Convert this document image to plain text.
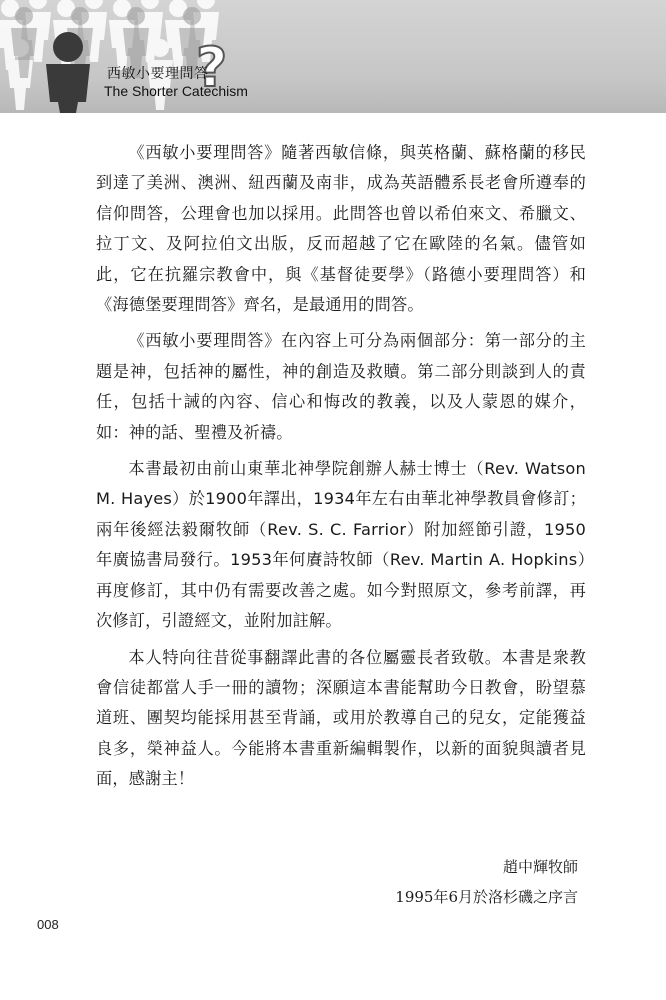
?
西敏小要理問答
The Shorter Catechism

《西敏小要理問答》隨著西敏信條，與英格蘭、蘇格蘭的移民到達了美洲、澳洲、紐西蘭及南非，成為英語體系長老會所遵奉的信仰問答，公理會也加以採用。此問答也曾以希伯來文、希臘文、拉丁文、及阿拉伯文出版，反而超越了它在歐陸的名氣。儘管如此，它在抗羅宗教會中，與《基督徒要學》（路德小要理問答）和《海德堡要理問答》齊名，是最通用的問答。

《西敏小要理問答》在內容上可分為兩個部分：第一部分的主題是神，包括神的屬性，神的創造及救贖。第二部分則談到人的責任，包括十誡的內容、信心和悔改的教義，以及人蒙恩的媒介，如：神的話、聖禮及祈禱。

本書最初由前山東華北神學院創辦人赫士博士（Rev. Watson M. Hayes）於1900年譯出，1934年左右由華北神學教員會修訂；兩年後經法毅爾牧師（Rev. S. C. Farrior）附加經節引證，1950年廣協書局發行。1953年何賡詩牧師（Rev. Martin A. Hopkins）再度修訂，其中仍有需要改善之處。如今對照原文，參考前譯，再次修訂，引證經文，並附加註解。

本人特向往昔從事翻譯此書的各位屬靈長者致敬。本書是衆教會信徒都當人手一冊的讀物；深願這本書能幫助今日教會，盼望慕道班、團契均能採用甚至背誦，或用於教導自己的兒女，定能獲益良多，榮神益人。今能將本書重新編輯製作，以新的面貌與讀者見面，感謝主！

趙中輝牧師
1995年6月於洛杉磯之序言
008
